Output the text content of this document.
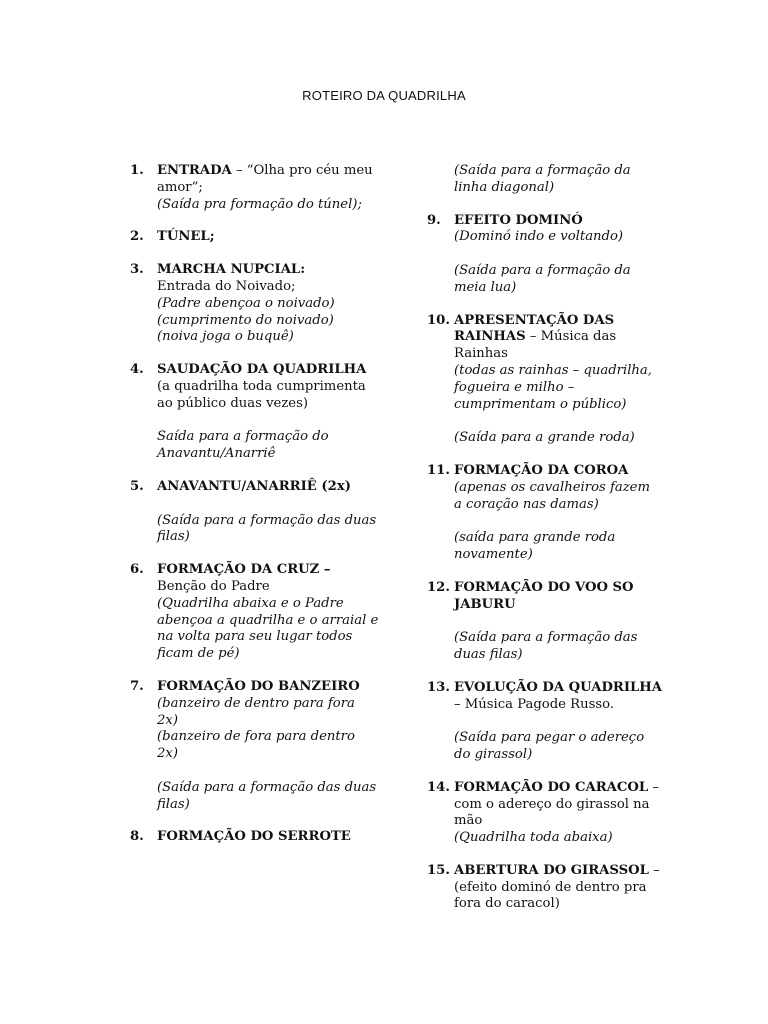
ROTEIRO DA QUADRILHA
1. ENTRADA – “Olha pro céu meu amor”;
(Saída pra formação do túnel);
2. TÚNEL;
3. MARCHA NUPCIAL:
Entrada do Noivado;
(Padre abençoa o noivado)
(cumprimento do noivado)
(noiva joga o buquê)
4. SAUDAÇÃO DA QUADRILHA
(a quadrilha toda cumprimenta ao público duas vezes)

Saída para a formação do Anavantu/Anarriê
5. ANAVANTU/ANARRIÊ (2x)

(Saída para a formação das duas filas)
6. FORMAÇÃO DA CRUZ –
Benção do Padre
(Quadrilha abaixa e o Padre abençoa a quadrilha e o arraial e na volta para seu lugar todos ficam de pé)
7. FORMAÇÃO DO BANZEIRO
(banzeiro de dentro para fora 2x)
(banzeiro de fora para dentro 2x)

(Saída para a formação das duas filas)
8. FORMAÇÃO DO SERROTE
(Saída para a formação da linha diagonal)
9. EFEITO DOMINÓ
(Dominó indo e voltando)

(Saída para a formação da meia lua)
10. APRESENTAÇÃO DAS RAINHAS – Música das Rainhas
(todas as rainhas – quadrilha, fogueira e milho – cumprimentam o público)

(Saída para a grande roda)
11. FORMAÇÃO DA COROA
(apenas os cavalheiros fazem a coração nas damas)

(saída para grande roda novamente)
12. FORMAÇÃO DO VOO SO JABURU

(Saída para a formação das duas filas)
13. EVOLUÇÃO DA QUADRILHA – Música Pagode Russo.

(Saída para pegar o adereço do girassol)
14. FORMAÇÃO DO CARACOL – com o adereço do girassol na mão
(Quadrilha toda abaixa)
15. ABERTURA DO GIRASSOL – (efeito dominó de dentro pra fora do caracol)
